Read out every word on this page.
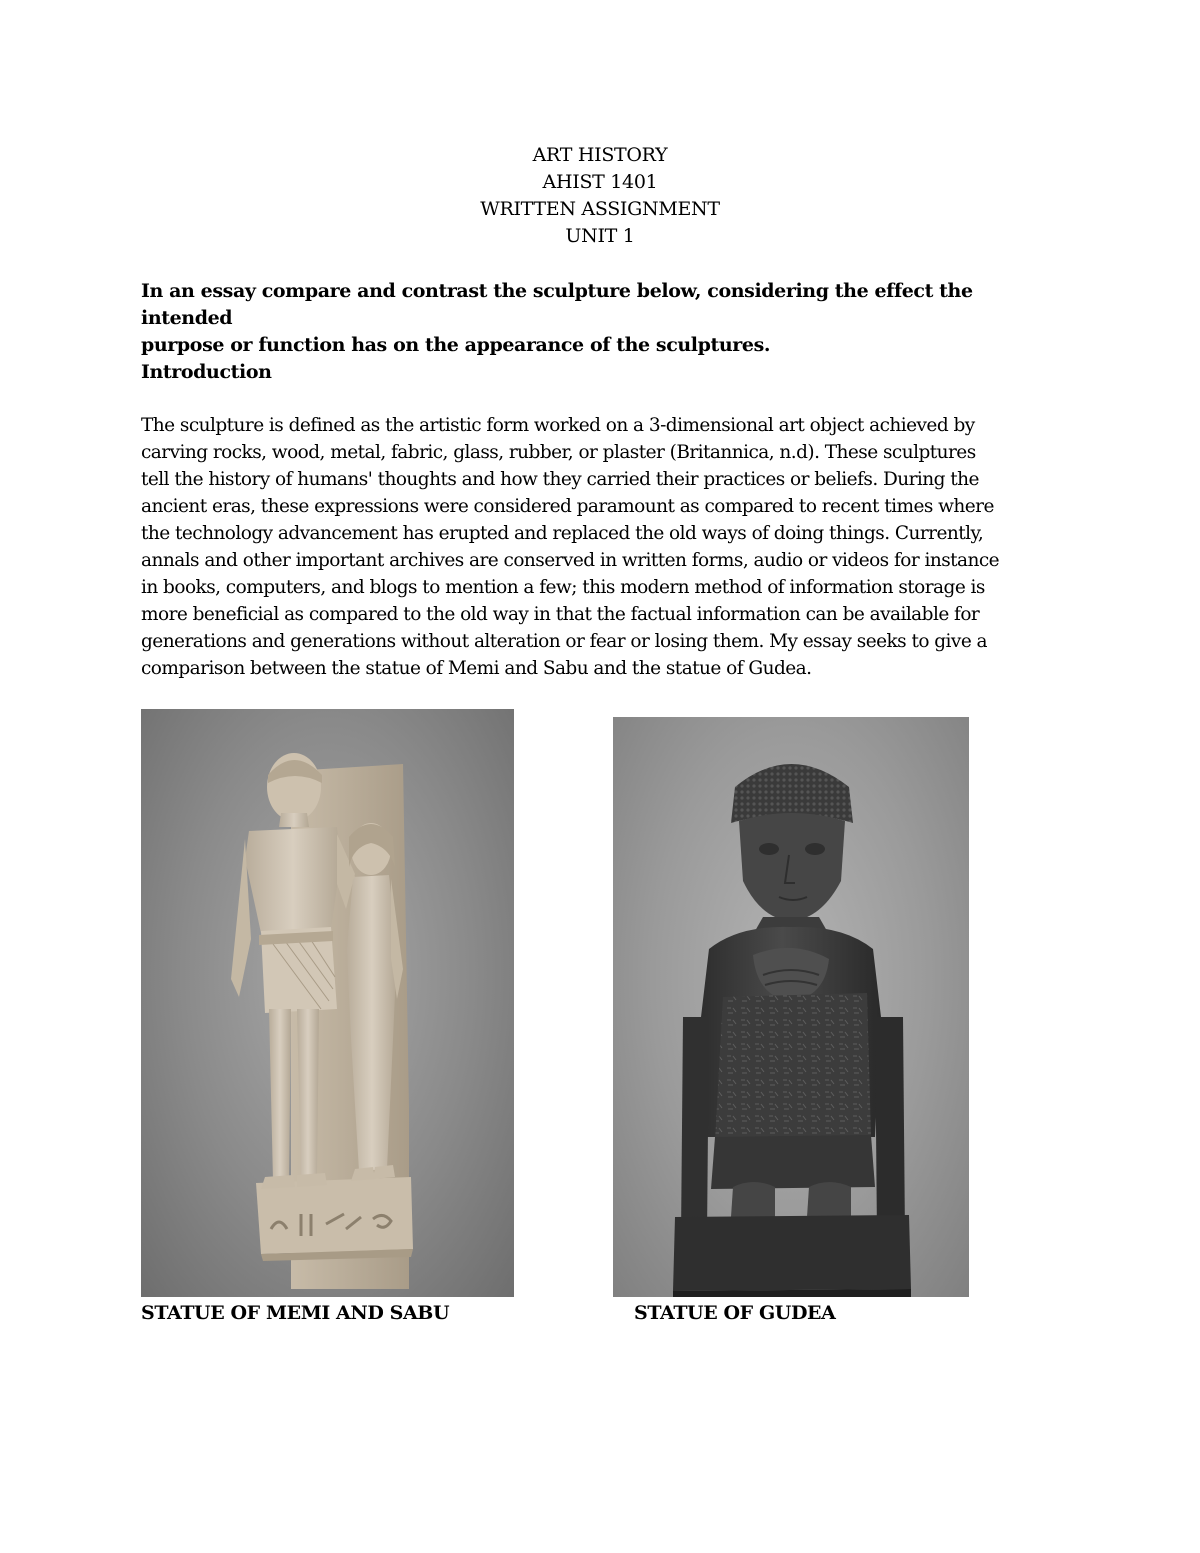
ART HISTORY
AHIST 1401
WRITTEN ASSIGNMENT
UNIT 1
In an essay compare and contrast the sculpture below, considering the effect the intended
purpose or function has on the appearance of the sculptures.
Introduction
The sculpture is defined as the artistic form worked on a 3-dimensional art object achieved by
carving rocks, wood, metal, fabric, glass, rubber, or plaster (Britannica, n.d). These sculptures
tell the history of humans' thoughts and how they carried their practices or beliefs. During the
ancient eras, these expressions were considered paramount as compared to recent times where
the technology advancement has erupted and replaced the old ways of doing things. Currently,
annals and other important archives are conserved in written forms, audio or videos for instance
in books, computers, and blogs to mention a few; this modern method of information storage is
more beneficial as compared to the old way in that the factual information can be available for
generations and generations without alteration or fear or losing them. My essay seeks to give a
comparison between the statue of Memi and Sabu and the statue of Gudea.
STATUE OF MEMI AND SABU	STATUE OF GUDEA
